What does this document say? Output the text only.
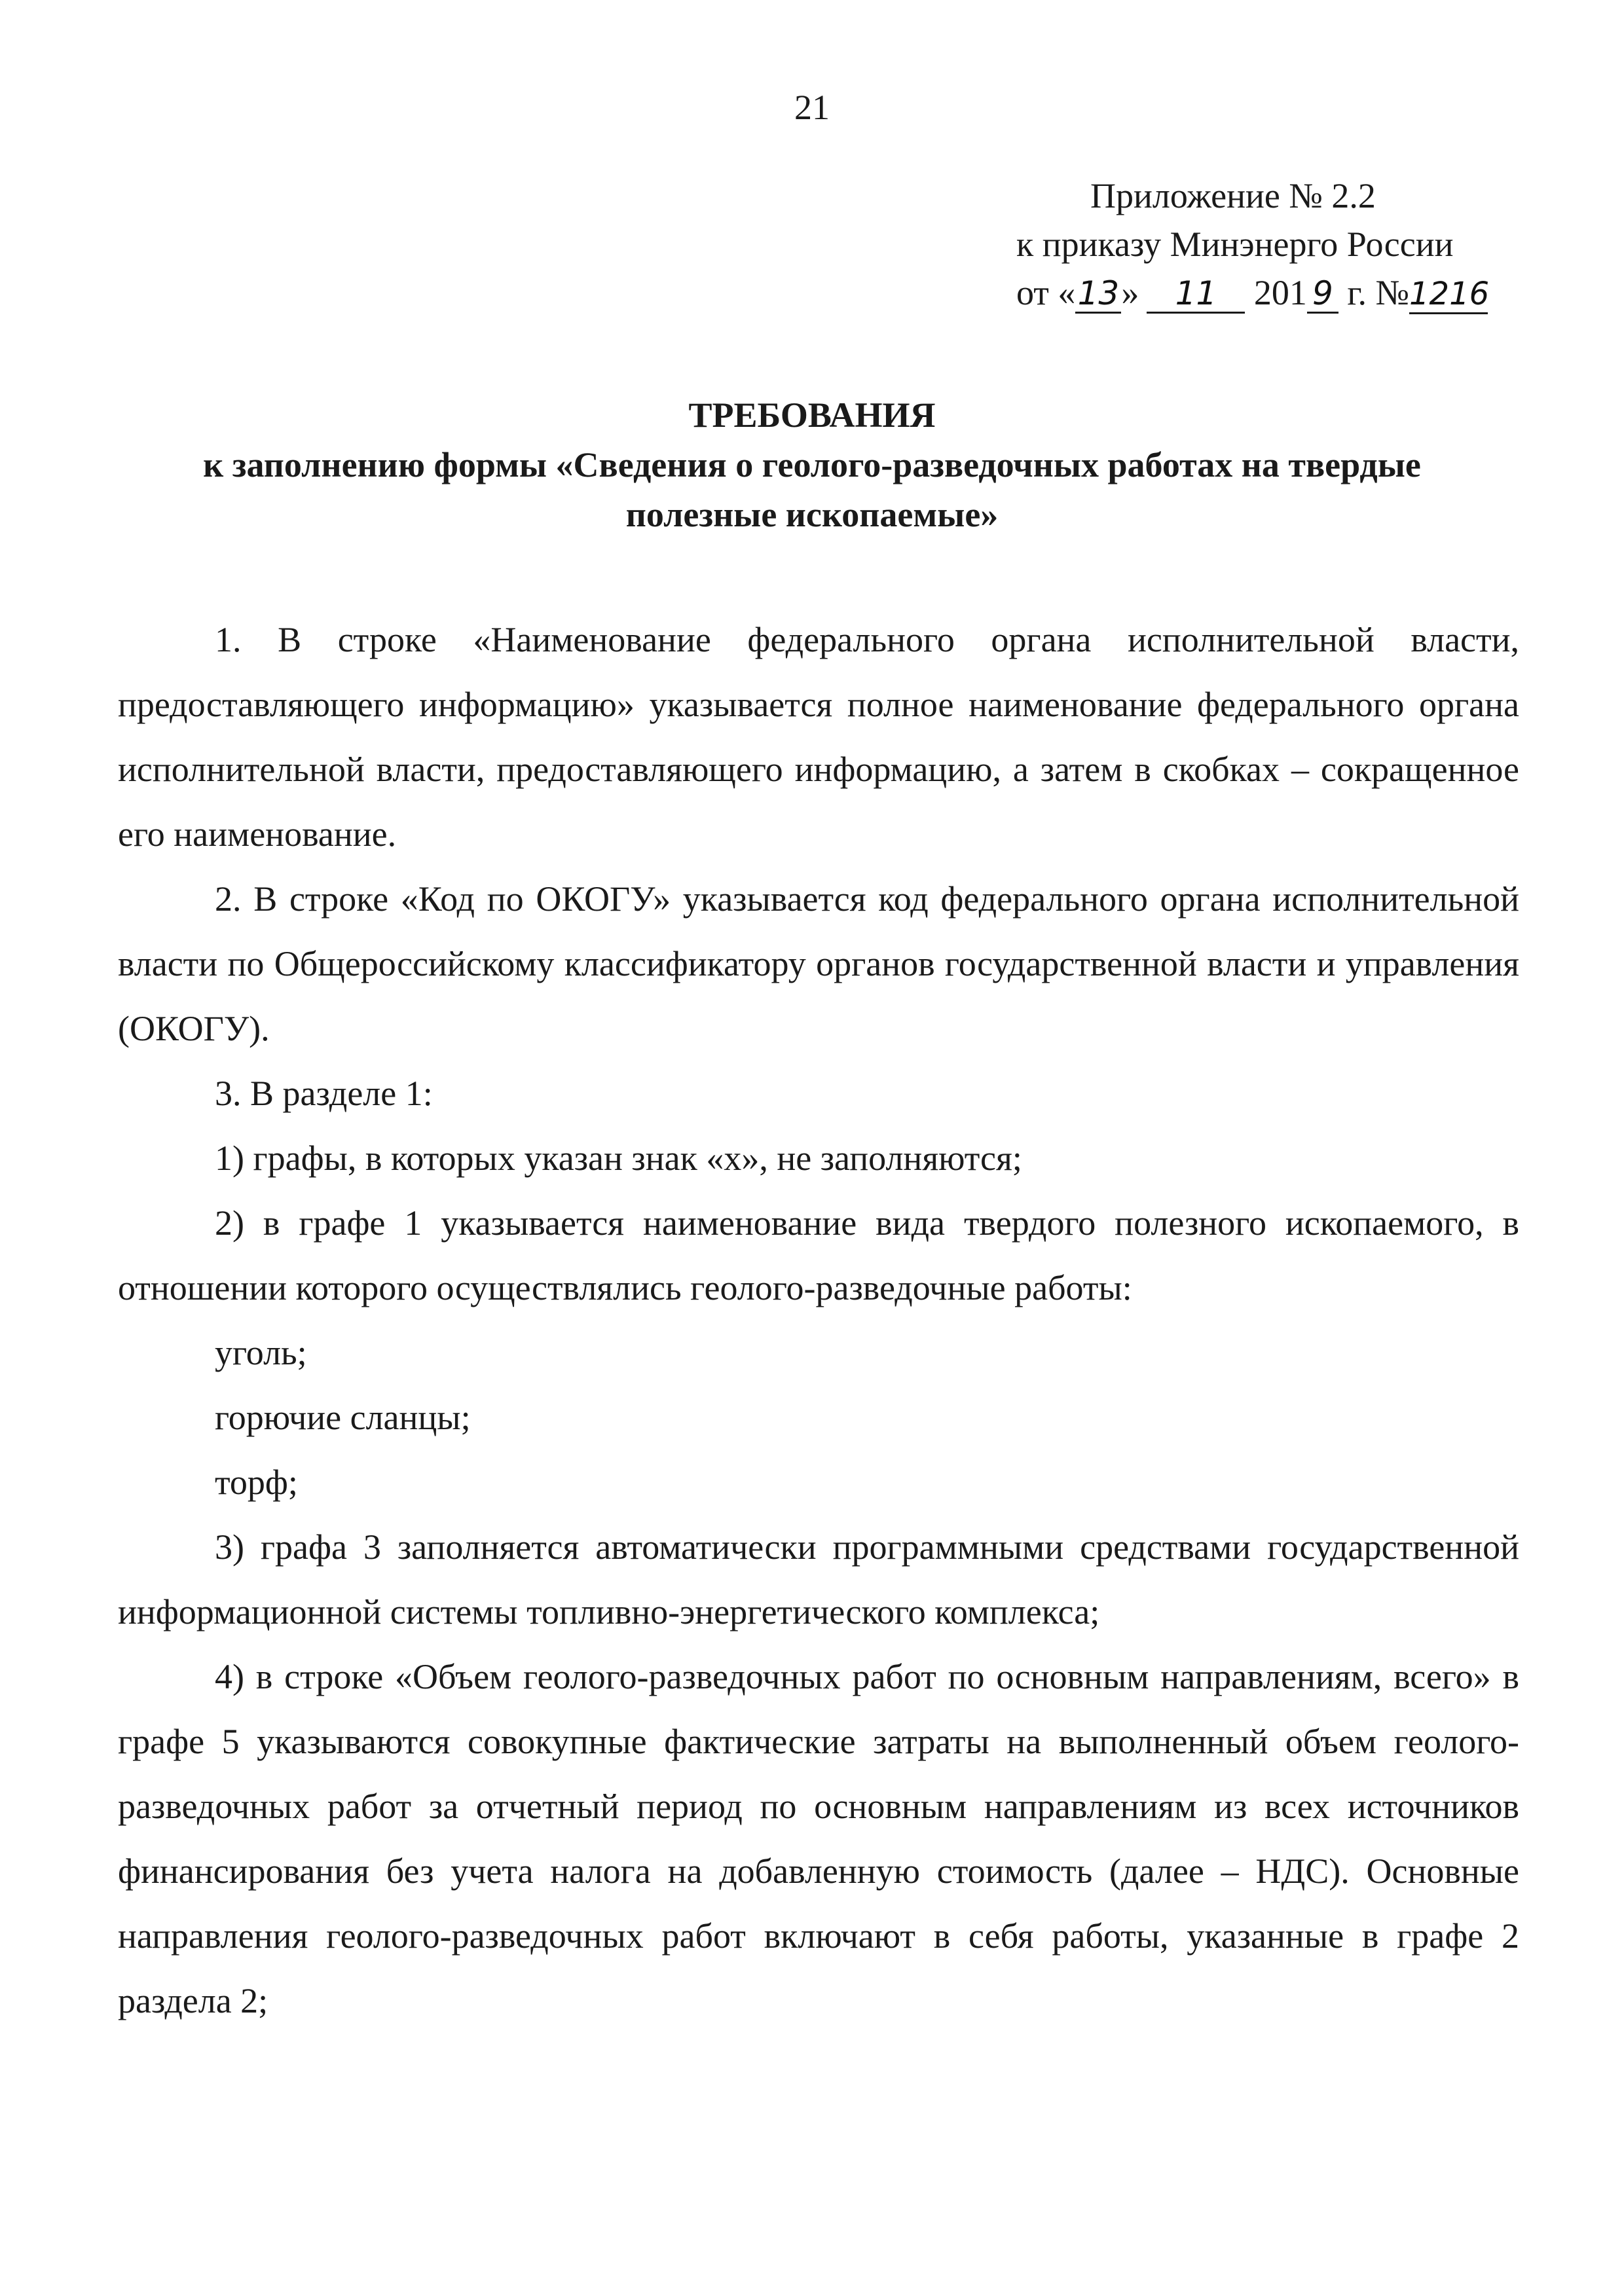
21
Приложение № 2.2
к приказу Минэнерго России
от «13» 11 201 9 г. №1216
ТРЕБОВАНИЯ
к заполнению формы «Сведения о геолого-разведочных работах на твердые
полезные ископаемые»

1. В строке «Наименование федерального органа исполнительной власти, предоставляющего информацию» указывается полное наименование федерального органа исполнительной власти, предоставляющего информацию, а затем в скобках – сокращенное его наименование.

2. В строке «Код по ОКОГУ» указывается код федерального органа исполнительной власти по Общероссийскому классификатору органов государственной власти и управления (ОКОГУ).

3. В разделе 1:

1) графы, в которых указан знак «х», не заполняются;

2) в графе 1 указывается наименование вида твердого полезного ископаемого, в отношении которого осуществлялись геолого-разведочные работы:

уголь;

горючие сланцы;

торф;

3) графа 3 заполняется автоматически программными средствами государственной информационной системы топливно-энергетического комплекса;

4) в строке «Объем геолого-разведочных работ по основным направлениям, всего» в графе 5 указываются совокупные фактические затраты на выполненный объем геолого-разведочных работ за отчетный период по основным направлениям из всех источников финансирования без учета налога на добавленную стоимость (далее – НДС). Основные направления геолого-разведочных работ включают в себя работы, указанные в графе 2 раздела 2;
